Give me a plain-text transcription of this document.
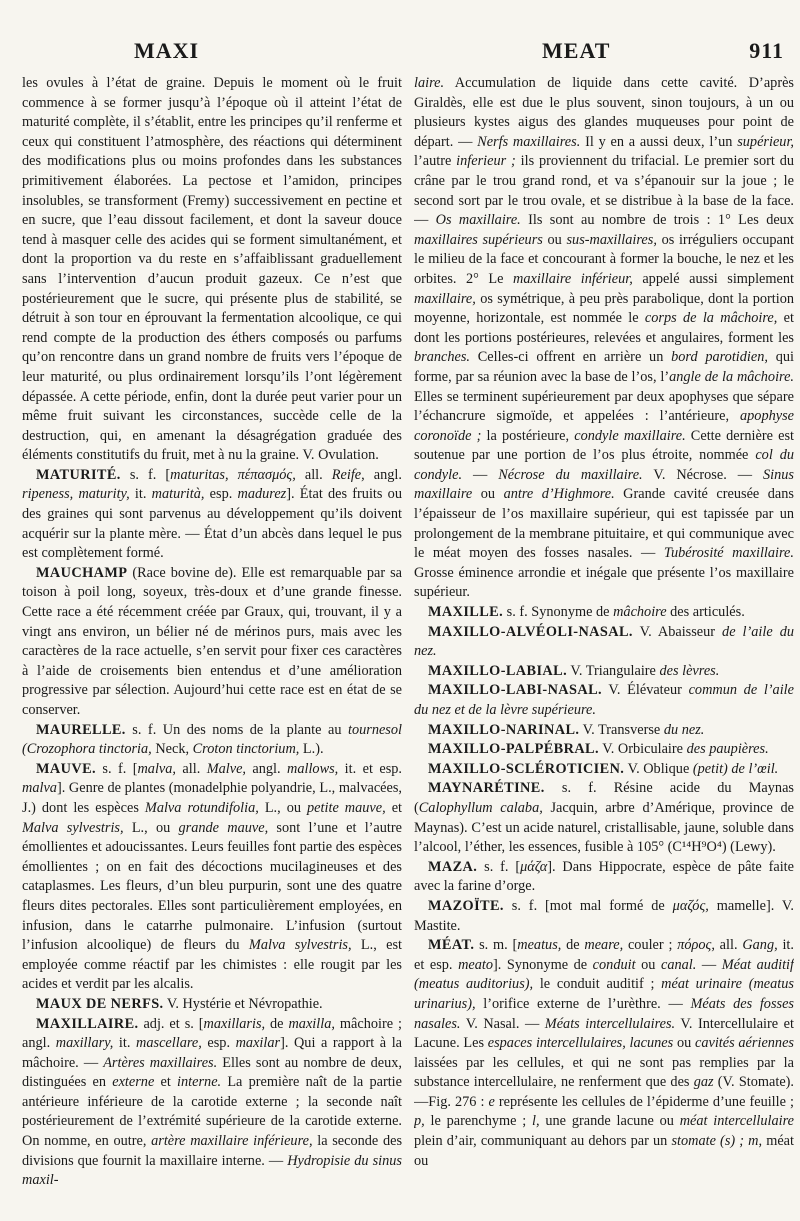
MAXI	MEAT	911

les ovules à l’état de graine. Depuis le moment où le fruit commence à se former jusqu’à l’époque où il atteint l’état de maturité complète, il s’établit, entre les principes qu’il renferme et ceux qui constituent l’atmosphère, des réactions qui déterminent des modifications plus ou moins profondes dans les substances primitivement élaborées. La pectose et l’amidon, principes insolubles, se transforment (Fremy) successivement en pectine et en sucre, que l’eau dissout facilement, et dont la saveur douce tend à masquer celle des acides qui se forment simultanément, et dont la proportion va du reste en s’affaiblissant graduellement sans l’intervention d’aucun produit gazeux. Ce n’est que postérieurement que le sucre, qui présente plus de stabilité, se détruit à son tour en éprouvant la fermentation alcoolique, ce qui rend compte de la production des éthers composés ou parfums qu’on rencontre dans un grand nombre de fruits vers l’époque de leur maturité, ou plus ordinairement lorsqu’ils l’ont légèrement dépassée. A cette période, enfin, dont la durée peut varier pour un même fruit suivant les circonstances, succède celle de la destruction, qui, en amenant la désagrégation graduée des éléments constitutifs du fruit, met à nu la graine. V. Ovulation.

MATURITÉ. s. f. [maturitas, πέπασμός, all. Reife, angl. ripeness, maturity, it. maturità, esp. madurez]. État des fruits ou des graines qui sont parvenus au développement qu’ils doivent acquérir sur la plante mère. — État d’un abcès dans lequel le pus est complètement formé.

MAUCHAMP (Race bovine de). Elle est remarquable par sa toison à poil long, soyeux, très-doux et d’une grande finesse. Cette race a été récemment créée par Graux, qui, trouvant, il y a vingt ans environ, un bélier né de mérinos purs, mais avec les caractères de la race actuelle, s’en servit pour fixer ces caractères à l’aide de croisements bien entendus et d’une amélioration progressive par sélection. Aujourd’hui cette race est en état de se conserver.

MAURELLE. s. f. Un des noms de la plante au tournesol (Crozophora tinctoria, Neck, Croton tinctorium, L.).

MAUVE. s. f. [malva, all. Malve, angl. mallows, it. et esp. malva]. Genre de plantes (monadelphie polyandrie, L., malvacées, J.) dont les espèces Malva rotundifolia, L., ou petite mauve, et Malva sylvestris, L., ou grande mauve, sont l’une et l’autre émollientes et adoucissantes. Leurs feuilles font partie des espèces émollientes ; on en fait des décoctions mucilagineuses et des cataplasmes. Les fleurs, d’un bleu purpurin, sont une des quatre fleurs dites pectorales. Elles sont particulièrement employées, en infusion, dans le catarrhe pulmonaire. L’infusion (surtout l’infusion alcoolique) de fleurs du Malva sylvestris, L., est employée comme réactif par les chimistes : elle rougit par les acides et verdit par les alcalis.

MAUX DE NERFS. V. Hystérie et Névropathie.

MAXILLAIRE. adj. et s. [maxillaris, de maxilla, mâchoire ; angl. maxillary, it. mascellare, esp. maxilar]. Qui a rapport à la mâchoire. — Artères maxillaires. Elles sont au nombre de deux, distinguées en externe et interne. La première naît de la partie antérieure inférieure de la carotide externe ; la seconde naît postérieurement de l’extrémité supérieure de la carotide externe. On nomme, en outre, artère maxillaire inférieure, la seconde des divisions que fournit la maxillaire interne. — Hydropisie du sinus maxil-

laire. Accumulation de liquide dans cette cavité. D’après Giraldès, elle est due le plus souvent, sinon toujours, à un ou plusieurs kystes aigus des glandes muqueuses pour point de départ. — Nerfs maxillaires. Il y en a aussi deux, l’un supérieur, l’autre inferieur ; ils proviennent du trifacial. Le premier sort du crâne par le trou grand rond, et va s’épanouir sur la joue ; le second sort par le trou ovale, et se distribue à la base de la face. — Os maxillaire. Ils sont au nombre de trois : 1° Les deux maxillaires supérieurs ou sus-maxillaires, os irréguliers occupant le milieu de la face et concourant à former la bouche, le nez et les orbites. 2° Le maxillaire inférieur, appelé aussi simplement maxillaire, os symétrique, à peu près parabolique, dont la portion moyenne, horizontale, est nommée le corps de la mâchoire, et dont les portions postérieures, relevées et angulaires, forment les branches. Celles-ci offrent en arrière un bord parotidien, qui forme, par sa réunion avec la base de l’os, l’angle de la mâchoire. Elles se terminent supérieurement par deux apophyses que sépare l’échancrure sigmoïde, et appelées : l’antérieure, apophyse coronoïde ; la postérieure, condyle maxillaire. Cette dernière est soutenue par une portion de l’os plus étroite, nommée col du condyle. — Nécrose du maxillaire. V. Nécrose. — Sinus maxillaire ou antre d’Highmore. Grande cavité creusée dans l’épaisseur de l’os maxillaire supérieur, qui est tapissée par un prolongement de la membrane pituitaire, et qui communique avec le méat moyen des fosses nasales. — Tubérosité maxillaire. Grosse éminence arrondie et inégale que présente l’os maxillaire supérieur.

MAXILLE. s. f. Synonyme de mâchoire des articulés.

MAXILLO-ALVÉOLI-NASAL. V. Abaisseur de l’aile du nez.

MAXILLO-LABIAL. V. Triangulaire des lèvres.

MAXILLO-LABI-NASAL. V. Élévateur commun de l’aile du nez et de la lèvre supérieure.

MAXILLO-NARINAL. V. Transverse du nez.

MAXILLO-PALPÉBRAL. V. Orbiculaire des paupières.

MAXILLO-SCLÉROTICIEN. V. Oblique (petit) de l’œil.

MAYNARÉTINE. s. f. Résine acide du Maynas (Calophyllum calaba, Jacquin, arbre d’Amérique, province de Maynas). C’est un acide naturel, cristallisable, jaune, soluble dans l’alcool, l’éther, les essences, fusible à 105° (C¹⁴H⁹O⁴) (Lewy).

MAZA. s. f. [μάζα]. Dans Hippocrate, espèce de pâte faite avec la farine d’orge.

MAZOÏTE. s. f. [mot mal formé de μαζός, mamelle]. V. Mastite.

MÉAT. s. m. [meatus, de meare, couler ; πόρος, all. Gang, it. et esp. meato]. Synonyme de conduit ou canal. — Méat auditif (meatus auditorius), le conduit auditif ; méat urinaire (meatus urinarius), l’orifice externe de l’urèthre. — Méats des fosses nasales. V. Nasal. — Méats intercellulaires. V. Intercellulaire et Lacune. Les espaces intercellulaires, lacunes ou cavités aériennes laissées par les cellules, et qui ne sont pas remplies par la substance intercellulaire, ne renferment que des gaz (V. Stomate).—Fig. 276 : e représente les cellules de l’épiderme d’une feuille ; p, le parenchyme ; l, une grande lacune ou méat intercellulaire plein d’air, communiquant au dehors par un stomate (s) ; m, méat ou
